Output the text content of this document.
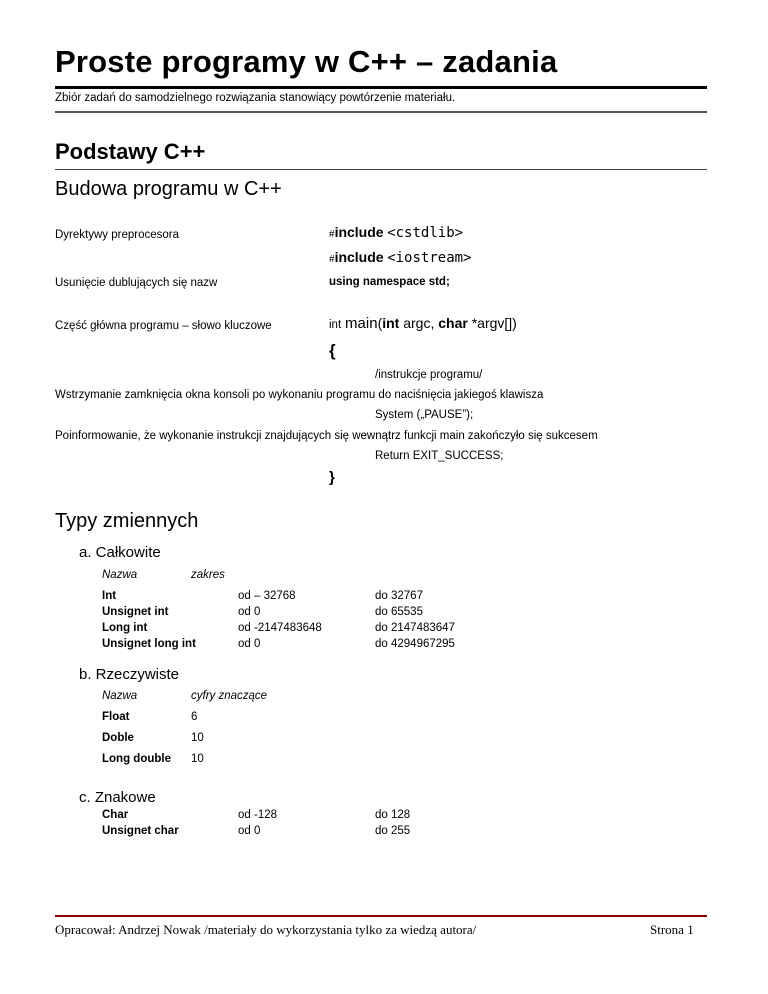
Proste programy w C++ – zadania
Zbiór zadań do samodzielnego rozwiązania stanowiący powtórzenie materiału.
Podstawy C++
Budowa programu w C++
Dyrektywy preprocesora	#include <cstdlib>
#include <iostream>
Usunięcie dublujących się nazw	using namespace std;
Część główna programu – słowo kluczowe	int main(int argc, char *argv[])
{
/instrukcje programu/
Wstrzymanie zamknięcia okna konsoli po wykonaniu programu do naciśnięcia jakiegoś klawisza
System („PAUSE”);
Poinformowanie, że wykonanie instrukcji znajdujących się wewnątrz funkcji main zakończyło się sukcesem
Return EXIT_SUCCESS;
}
Typy zmiennych
a. Całkowite
Nazwa	zakres
Int	od – 32768	do 32767
Unsignet int	od 0	do 65535
Long int	od -2147483648	do 2147483647
Unsignet long int	od 0	do 4294967295
b. Rzeczywiste
Nazwa	cyfry znaczące
Float	6
Doble	10
Long double 10
c. Znakowe
Char	od -128	do 128
Unsignet char	od 0	do 255
Opracował: Andrzej Nowak /materiały do wykorzystania tylko za wiedzą autora/	Strona 1
